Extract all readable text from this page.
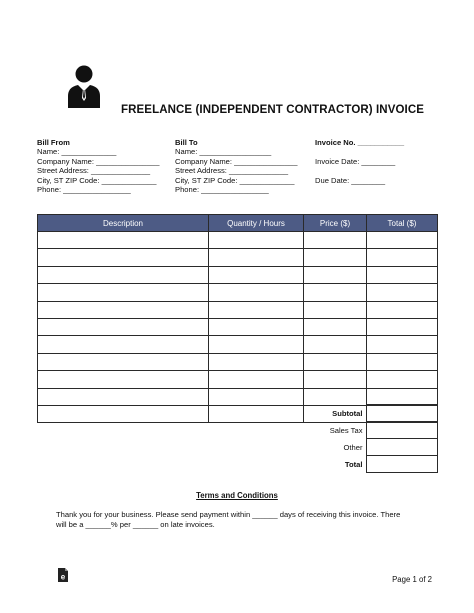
FREELANCE (INDEPENDENT CONTRACTOR) INVOICE
Bill From
Name: _____________
Company Name: _______________
Street Address: ______________
City, ST ZIP Code: _____________
Phone: ________________
Bill To
Name: _________________
Company Name: _______________
Street Address: ______________
City, ST ZIP Code: _____________
Phone: ________________
Invoice No. ___________
Invoice Date: ________
Due Date: ________
Description	Quantity / Hours	Price ($)	Total ($)

Subtotal	
Sales Tax	
Other	
Total	
Terms and Conditions
Thank you for your business. Please send payment within ______ days of receiving this invoice. There will be a ______% per ______ on late invoices.
e	Page 1 of 2
